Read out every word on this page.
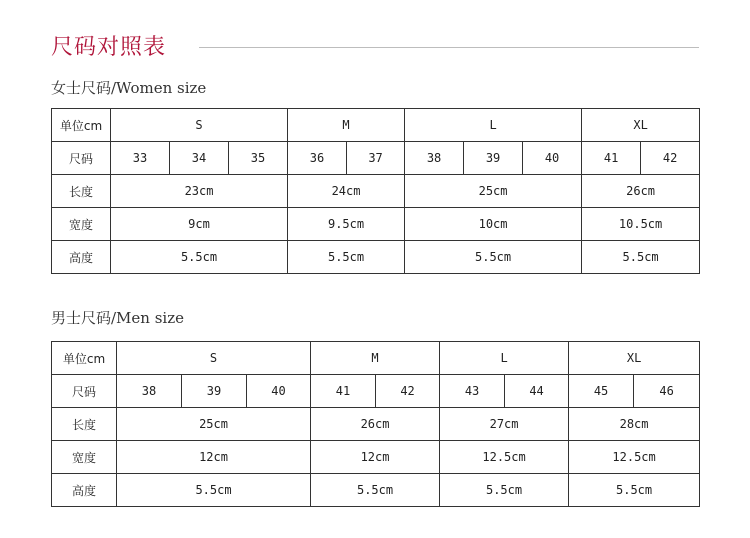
尺码对照表
女士尺码/Women size
单位cm	S			M		L			XL	
尺码	33	34	35	36	37	38	39	40	41	42
长度	23cm			24cm		25cm			26cm	
宽度	9cm			9.5cm		10cm			10.5cm	
高度	5.5cm			5.5cm		5.5cm			5.5cm	
男士尺码/Men size
单位cm	S			M		L		XL	
尺码	38	39	40	41	42	43	44	45	46
长度	25cm			26cm		27cm		28cm	
宽度	12cm			12cm		12.5cm		12.5cm	
高度	5.5cm			5.5cm		5.5cm		5.5cm	
